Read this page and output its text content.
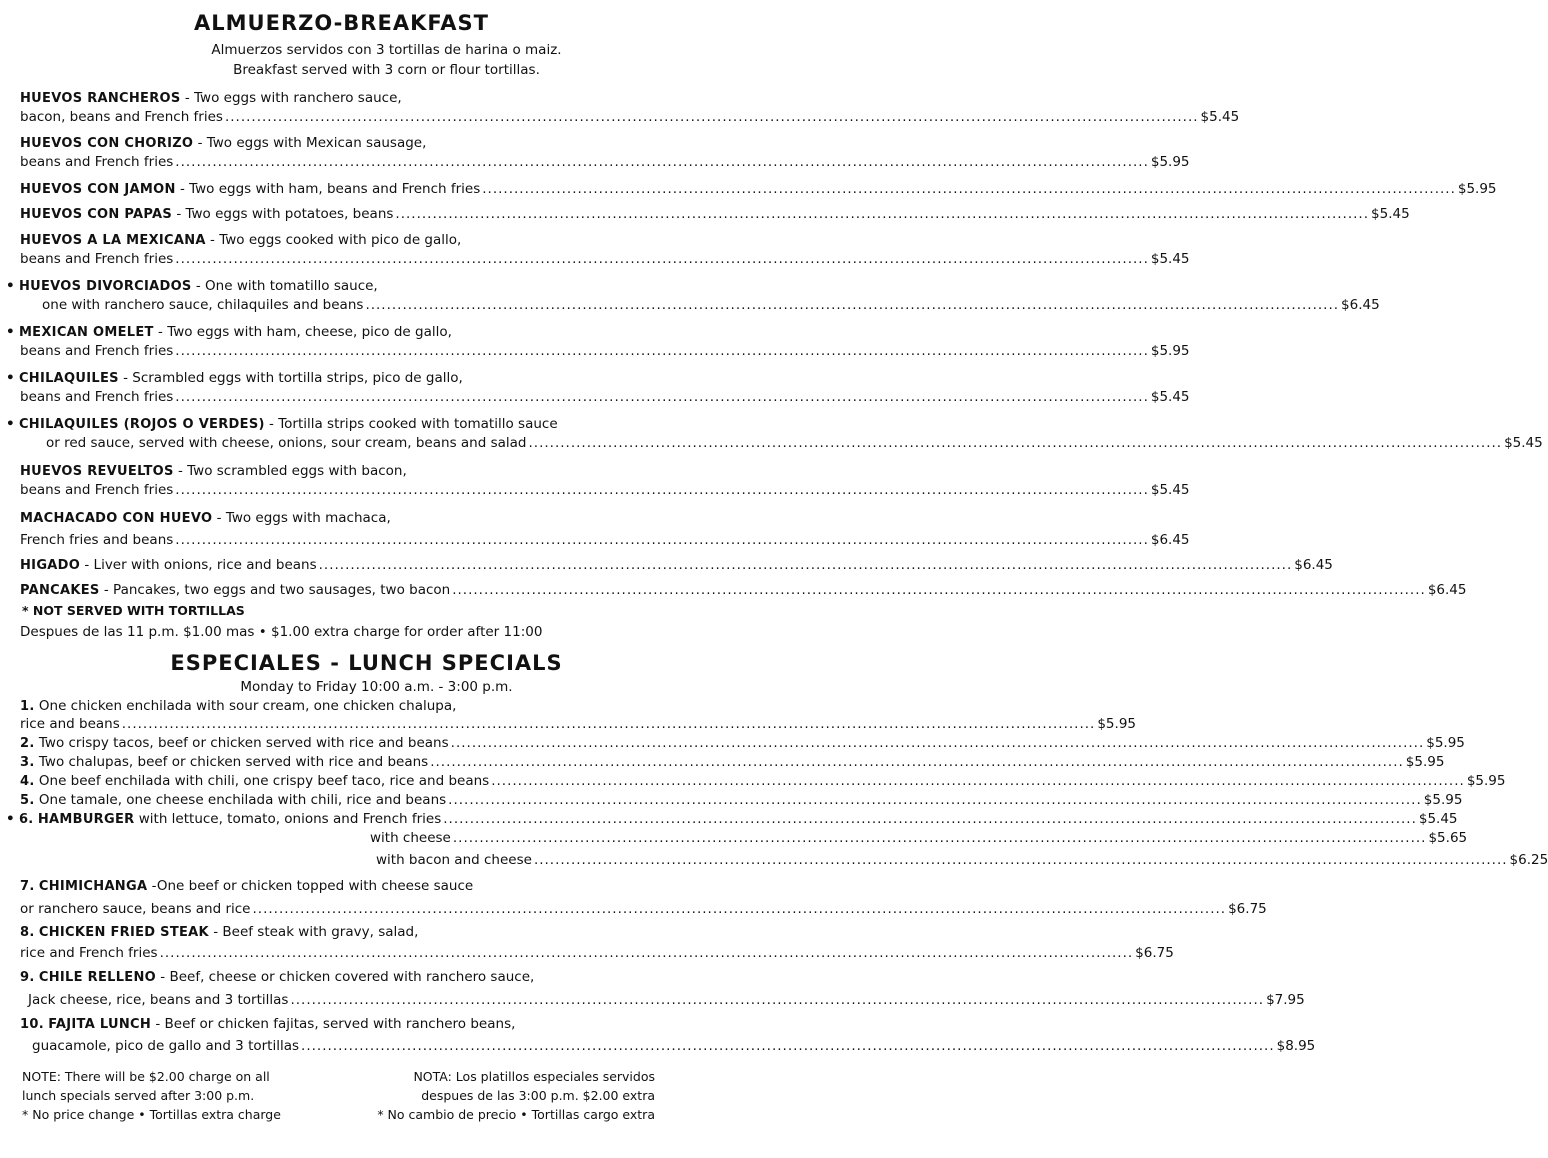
ALMUERZO-BREAKFAST
Almuerzos servidos con 3 tortillas de harina o maiz.
Breakfast served with 3 corn or flour tortillas.
HUEVOS RANCHEROS - Two eggs with ranchero sauce,
bacon, beans and French fries .....	$5.45
HUEVOS CON CHORIZO - Two eggs with Mexican sausage,
beans and French fries .....	$5.95
HUEVOS CON JAMON - Two eggs with ham, beans and French fries .....	$5.95
HUEVOS CON PAPAS - Two eggs with potatoes, beans .....	$5.45
HUEVOS A LA MEXICANA - Two eggs cooked with pico de gallo,
beans and French fries .....	$5.45
• HUEVOS DIVORCIADOS - One with tomatillo sauce,
one with ranchero sauce, chilaquiles and beans .....	$6.45
• MEXICAN OMELET - Two eggs with ham, cheese, pico de gallo,
beans and French fries .....	$5.95
• CHILAQUILES - Scrambled eggs with tortilla strips, pico de gallo,
beans and French fries .....	$5.45
• CHILAQUILES (ROJOS O VERDES) - Tortilla strips cooked with tomatillo sauce
or red sauce, served with cheese, onions, sour cream, beans and salad .....	$5.45
HUEVOS REVUELTOS - Two scrambled eggs with bacon,
beans and French fries .....	$5.45
MACHACADO CON HUEVO - Two eggs with machaca,
French fries and beans .....	$6.45
HIGADO - Liver with onions, rice and beans .....	$6.45
PANCAKES - Pancakes, two eggs and two sausages, two bacon .....	$6.45
* NOT SERVED WITH TORTILLAS
Despues de las 11 p.m. $1.00 mas • $1.00 extra charge for order after 11:00
ESPECIALES - LUNCH SPECIALS
Monday to Friday 10:00 a.m. - 3:00 p.m.
1. One chicken enchilada with sour cream, one chicken chalupa,
rice and beans .....	$5.95
2. Two crispy tacos, beef or chicken served with rice and beans .....	$5.95
3. Two chalupas, beef or chicken served with rice and beans .....	$5.95
4. One beef enchilada with chili, one crispy beef taco, rice and beans .....	$5.95
5. One tamale, one cheese enchilada with chili, rice and beans .....	$5.95
• 6. HAMBURGER with lettuce, tomato, onions and French fries .....	$5.45
with cheese .....	$5.65
with bacon and cheese .....	$6.25
7. CHIMICHANGA -One beef or chicken topped with cheese sauce
or ranchero sauce, beans and rice .....	$6.75
8. CHICKEN FRIED STEAK - Beef steak with gravy, salad,
rice and French fries .....	$6.75
9. CHILE RELLENO - Beef, cheese or chicken covered with ranchero sauce,
Jack cheese, rice, beans and 3 tortillas .....	$7.95
10. FAJITA LUNCH - Beef or chicken fajitas, served with ranchero beans,
guacamole, pico de gallo and 3 tortillas .....	$8.95
NOTE: There will be $2.00 charge on all
lunch specials served after 3:00 p.m.
* No price change • Tortillas extra charge
NOTA: Los platillos especiales servidos
despues de las 3:00 p.m. $2.00 extra
* No cambio de precio • Tortillas cargo extra
